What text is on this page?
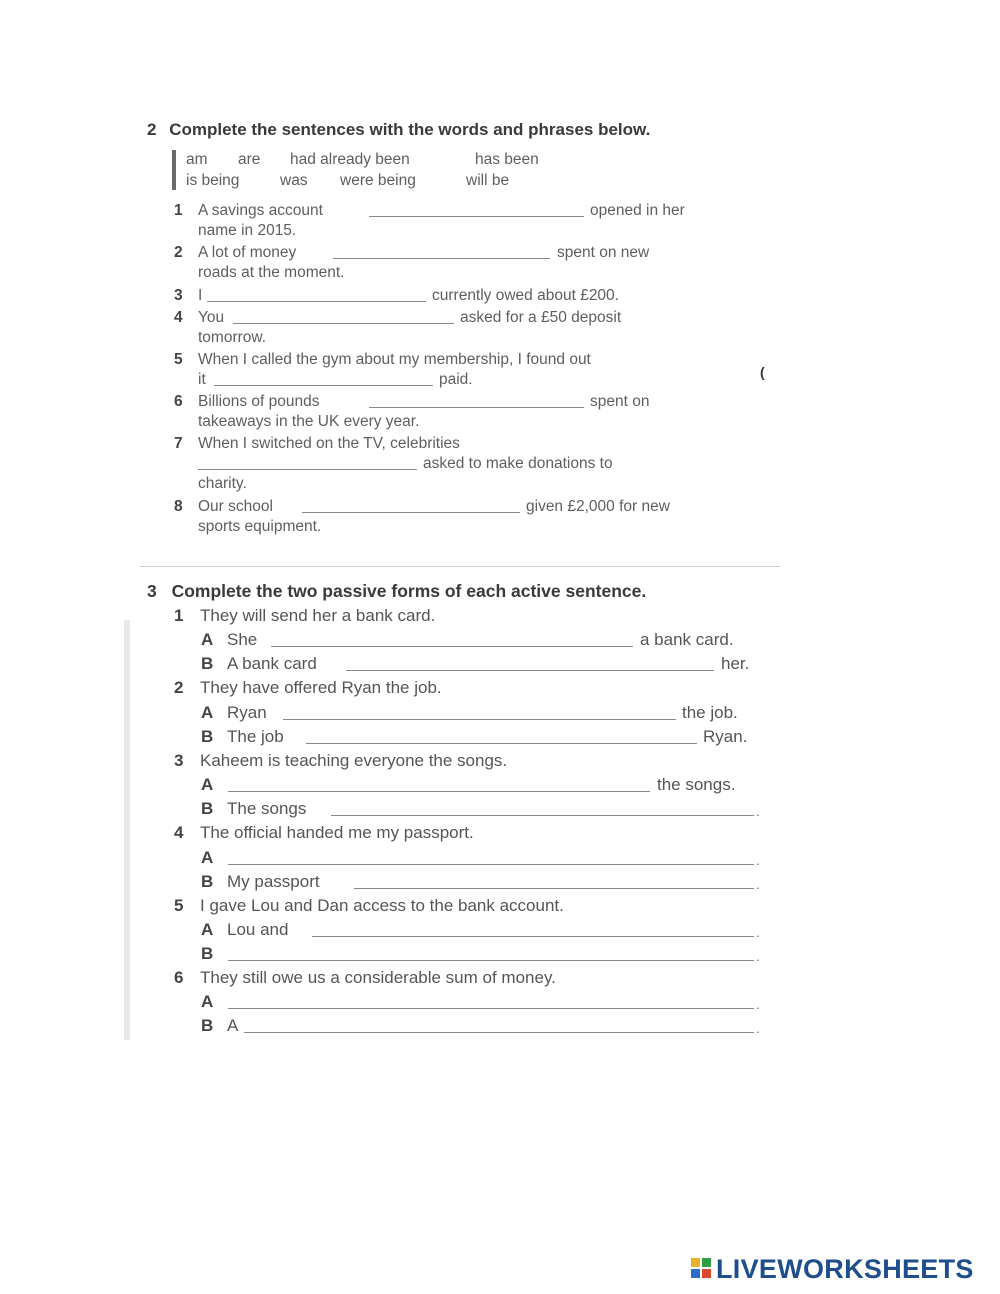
2 Complete the sentences with the words and phrases below.
am are had already been	has been
is being	was were being	will be
1 A savings account	opened in her
name in 2015.
2 A lot of money	spent on new
roads at the moment.
3 I	currently owed about £200.
4 You	asked for a £50 deposit
tomorrow.
5 When I called the gym about my membership, I found out
it	paid.
6 Billions of pounds	spent on
takeaways in the UK every year.
7 When I switched on the TV, celebrities
asked to make donations to
charity.
8 Our school	given £2,000 for new
sports equipment.
(
3 Complete the two passive forms of each active sentence.
1 They will send her a bank card.
A She	a bank card.
B A bank card	her.
2 They have offered Ryan the job.
A Ryan	the job.
B The job	Ryan.
3 Kaheem is teaching everyone the songs.
A	the songs.
B The songs	.
4 The official handed me my passport.
A	.
B My passport	.
5 I gave Lou and Dan access to the bank account.
A Lou and	.
B	.
6 They still owe us a considerable sum of money.
A	.
B A	.
LIVEWORKSHEETS
